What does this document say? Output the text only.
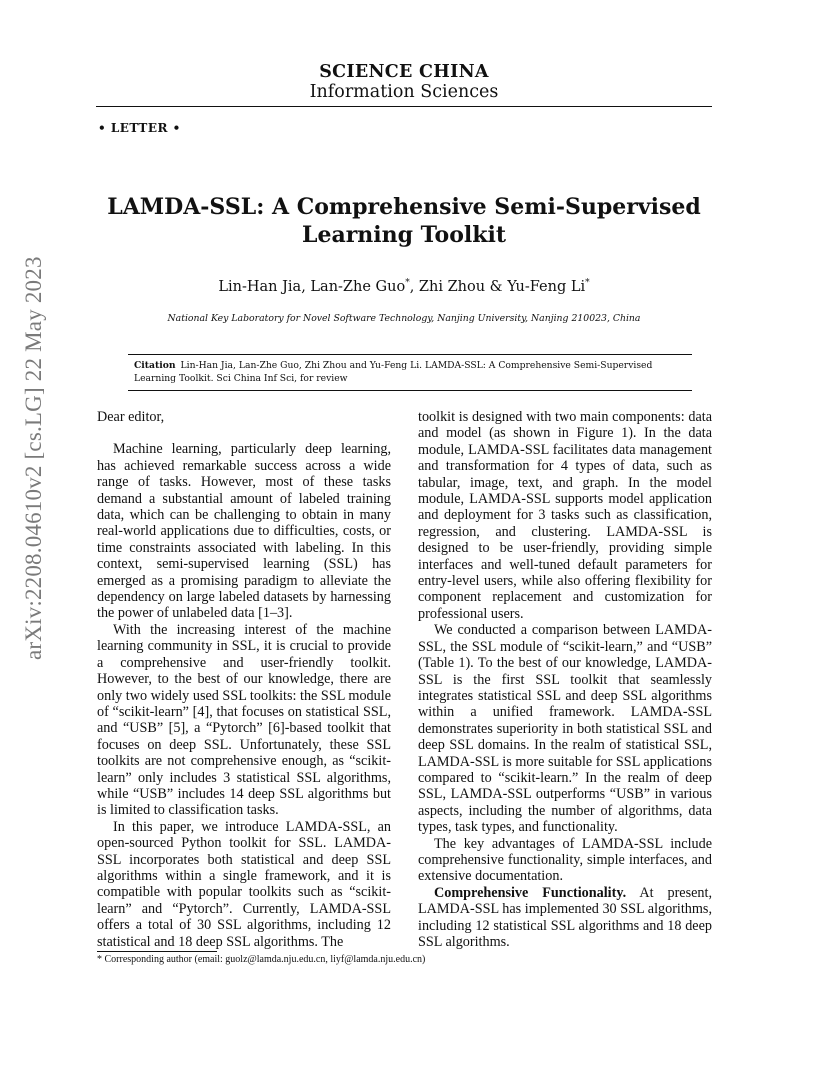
arXiv:2208.04610v2 [cs.LG] 22 May 2023
SCIENCE CHINA
Information Sciences
• LETTER •
LAMDA-SSL: A Comprehensive Semi-Supervised
Learning Toolkit
Lin-Han Jia, Lan-Zhe Guo*, Zhi Zhou & Yu-Feng Li*
National Key Laboratory for Novel Software Technology, Nanjing University, Nanjing 210023, China
Citation Lin-Han Jia, Lan-Zhe Guo, Zhi Zhou and Yu-Feng Li. LAMDA-SSL: A Comprehensive Semi-Supervised Learning Toolkit. Sci China Inf Sci, for review

Dear editor,

Machine learning, particularly deep learning, has achieved remarkable success across a wide range of tasks. However, most of these tasks demand a substantial amount of labeled training data, which can be challenging to obtain in many real-world applications due to difficulties, costs, or time constraints associated with labeling. In this context, semi-supervised learning (SSL) has emerged as a promising paradigm to alleviate the dependency on large labeled datasets by harnessing the power of unlabeled data [1–3].

With the increasing interest of the machine learning community in SSL, it is crucial to provide a comprehensive and user-friendly toolkit. However, to the best of our knowledge, there are only two widely used SSL toolkits: the SSL module of “scikit-learn” [4], that focuses on statistical SSL, and “USB” [5], a “Pytorch” [6]-based toolkit that focuses on deep SSL. Unfortunately, these SSL toolkits are not comprehensive enough, as “scikit-learn” only includes 3 statistical SSL algorithms, while “USB” includes 14 deep SSL algorithms but is limited to classification tasks.

In this paper, we introduce LAMDA-SSL, an open-sourced Python toolkit for SSL. LAMDA-SSL incorporates both statistical and deep SSL algorithms within a single framework, and it is compatible with popular toolkits such as “scikit-learn” and “Pytorch”. Currently, LAMDA-SSL offers a total of 30 SSL algorithms, including 12 statistical and 18 deep SSL algorithms. The

toolkit is designed with two main components: data and model (as shown in Figure 1). In the data module, LAMDA-SSL facilitates data management and transformation for 4 types of data, such as tabular, image, text, and graph. In the model module, LAMDA-SSL supports model application and deployment for 3 tasks such as classification, regression, and clustering. LAMDA-SSL is designed to be user-friendly, providing simple interfaces and well-tuned default parameters for entry-level users, while also offering flexibility for component replacement and customization for professional users.

We conducted a comparison between LAMDA-SSL, the SSL module of “scikit-learn,” and “USB” (Table 1). To the best of our knowledge, LAMDA-SSL is the first SSL toolkit that seamlessly integrates statistical SSL and deep SSL algorithms within a unified framework. LAMDA-SSL demonstrates superiority in both statistical SSL and deep SSL domains. In the realm of statistical SSL, LAMDA-SSL is more suitable for SSL applications compared to “scikit-learn.” In the realm of deep SSL, LAMDA-SSL outperforms “USB” in various aspects, including the number of algorithms, data types, task types, and functionality.

The key advantages of LAMDA-SSL include comprehensive functionality, simple interfaces, and extensive documentation.

Comprehensive Functionality. At present, LAMDA-SSL has implemented 30 SSL algorithms, including 12 statistical SSL algorithms and 18 deep SSL algorithms.

* Corresponding author (email: guolz@lamda.nju.edu.cn, liyf@lamda.nju.edu.cn)
